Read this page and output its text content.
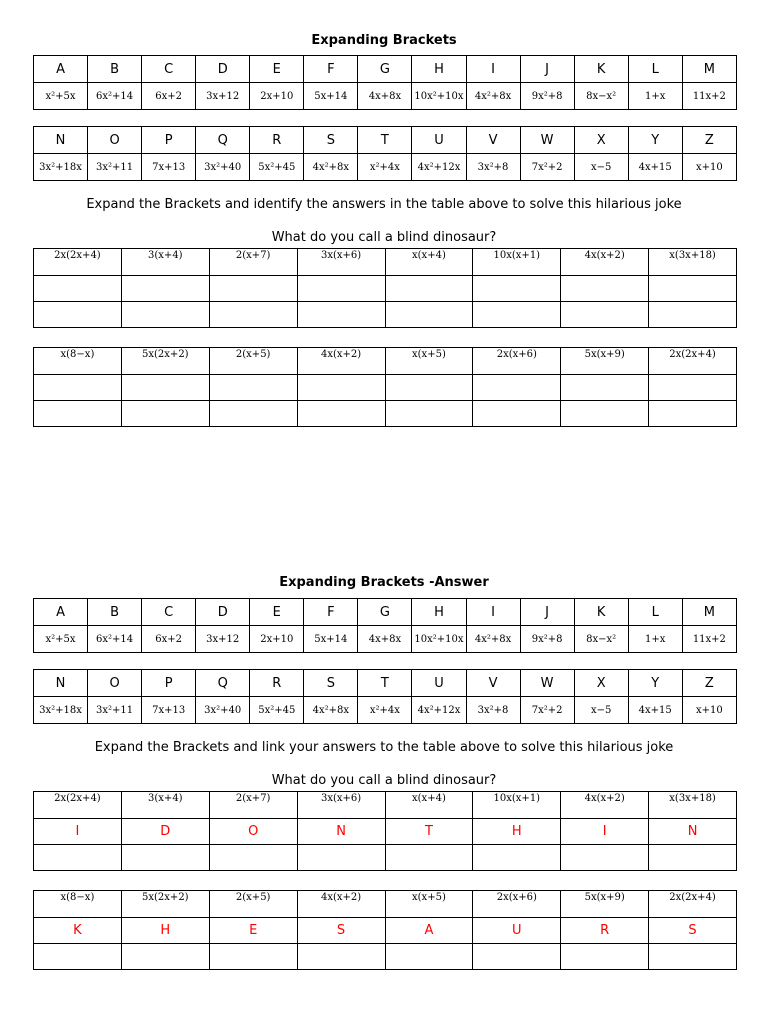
Expanding Brackets
A	B	C	D	E	F	G	H	I	J	K	L	M
x²+5x	6x²+14	6x+2	3x+12	2x+10	5x+14	4x+8x	10x²+10x	4x²+8x	9x²+8	8x−x²	1+x	11x+2
N	O	P	Q	R	S	T	U	V	W	X	Y	Z
3x²+18x	3x²+11	7x+13	3x²+40	5x²+45	4x²+8x	x²+4x	4x²+12x	3x²+8	7x²+2	x−5	4x+15	x+10
Expand the Brackets and identify the answers in the table above to solve this hilarious joke
What do you call a blind dinosaur?
2x(2x+4)	3(x+4)	2(x+7)	3x(x+6)	x(x+4)	10x(x+1)	4x(x+2)	x(3x+18)

x(8−x)	5x(2x+2)	2(x+5)	4x(x+2)	x(x+5)	2x(x+6)	5x(x+9)	2x(2x+4)

Expanding Brackets -Answer
A	B	C	D	E	F	G	H	I	J	K	L	M
x²+5x	6x²+14	6x+2	3x+12	2x+10	5x+14	4x+8x	10x²+10x	4x²+8x	9x²+8	8x−x²	1+x	11x+2
N	O	P	Q	R	S	T	U	V	W	X	Y	Z
3x²+18x	3x²+11	7x+13	3x²+40	5x²+45	4x²+8x	x²+4x	4x²+12x	3x²+8	7x²+2	x−5	4x+15	x+10
Expand the Brackets and link your answers to the table above to solve this hilarious joke
What do you call a blind dinosaur?
2x(2x+4)	3(x+4)	2(x+7)	3x(x+6)	x(x+4)	10x(x+1)	4x(x+2)	x(3x+18)
I	D	O	N	T	H	I	N

x(8−x)	5x(2x+2)	2(x+5)	4x(x+2)	x(x+5)	2x(x+6)	5x(x+9)	2x(2x+4)
K	H	E	S	A	U	R	S
